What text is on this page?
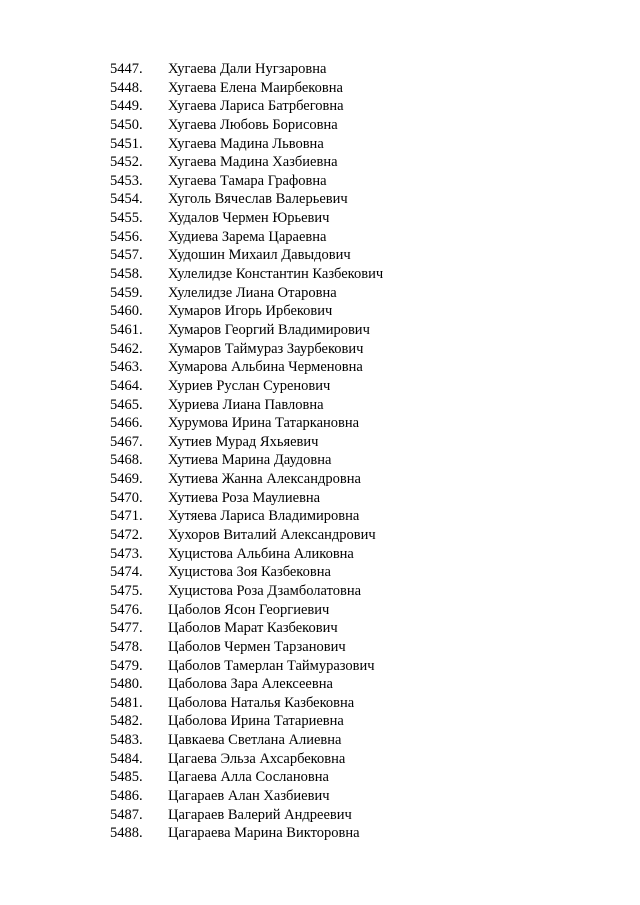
5447. Хугаева Дали Нугзаровна
5448. Хугаева Елена Маирбековна
5449. Хугаева Лариса Батрбеговна
5450. Хугаева Любовь Борисовна
5451. Хугаева Мадина Львовна
5452. Хугаева Мадина Хазбиевна
5453. Хугаева Тамара Графовна
5454. Хуголь Вячеслав Валерьевич
5455. Худалов Чермен Юрьевич
5456. Худиева Зарема Цараевна
5457. Худошин Михаил Давыдович
5458. Хулелидзе Константин Казбекович
5459. Хулелидзе Лиана Отаровна
5460. Хумаров Игорь Ирбекович
5461. Хумаров Георгий Владимирович
5462. Хумаров Таймураз Заурбекович
5463. Хумарова Альбина Черменовна
5464. Хуриев Руслан Суренович
5465. Хуриева Лиана Павловна
5466. Хурумова Ирина Татаркановна
5467. Хутиев Мурад Яхьяевич
5468. Хутиева Марина Даудовна
5469. Хутиева Жанна Александровна
5470. Хутиева Роза Маулиевна
5471. Хутяева Лариса Владимировна
5472. Хухоров Виталий Александрович
5473. Хуцистова Альбина Аликовна
5474. Хуцистова Зоя Казбековна
5475. Хуцистова Роза Дзамболатовна
5476. Цаболов Ясон Георгиевич
5477. Цаболов Марат Казбекович
5478. Цаболов Чермен Тарзанович
5479. Цаболов Тамерлан Таймуразович
5480. Цаболова Зара Алексеевна
5481. Цаболова Наталья Казбековна
5482. Цаболова Ирина Татариевна
5483. Цавкаева Светлана Алиевна
5484. Цагаева Эльза Ахсарбековна
5485. Цагаева Алла Сослановна
5486. Цагараев Алан Хазбиевич
5487. Цагараев Валерий Андреевич
5488. Цагараева Марина Викторовна
